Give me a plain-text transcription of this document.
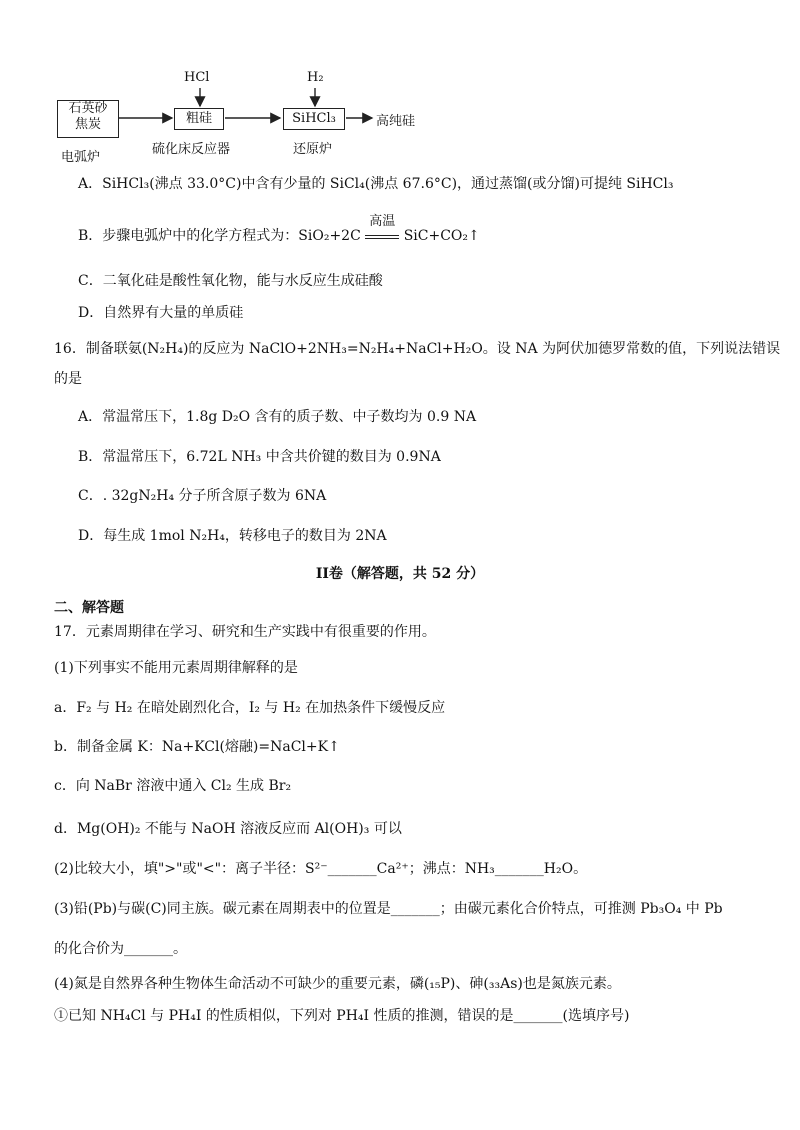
石英砂
焦炭
电弧炉
HCl
粗硅
硫化床反应器
H₂
SiHCl₃
还原炉
高纯硅
A．SiHCl₃(沸点 33.0°C)中含有少量的 SiCl₄(沸点 67.6°C)，通过蒸馏(或分馏)可提纯 SiHCl₃
B．步骤电弧炉中的化学方程式为：SiO₂+2C
高温
SiC+CO₂↑
C．二氧化硅是酸性氧化物，能与水反应生成硅酸
D．自然界有大量的单质硅
16．制备联氨(N₂H₄)的反应为 NaClO+2NH₃=N₂H₄+NaCl+H₂O。设 NA 为阿伏加德罗常数的值，下列说法错误
的是
A．常温常压下，1.8g D₂O 含有的质子数、中子数均为 0.9 NA
B．常温常压下，6.72L NH₃ 中含共价键的数目为 0.9NA
C．. 32gN₂H₄ 分子所含原子数为 6NA
D．每生成 1mol N₂H₄，转移电子的数目为 2NA
II卷（解答题，共 52 分）
二、解答题
17．元素周期律在学习、研究和生产实践中有很重要的作用。
(1)下列事实不能用元素周期律解释的是
a．F₂ 与 H₂ 在暗处剧烈化合，I₂ 与 H₂ 在加热条件下缓慢反应
b．制备金属 K：Na+KCl(熔融)=NaCl+K↑
c．向 NaBr 溶液中通入 Cl₂ 生成 Br₂
d．Mg(OH)₂ 不能与 NaOH 溶液反应而 Al(OH)₃ 可以
(2)比较大小，填">"或"<"：离子半径：S²⁻_______Ca²⁺；沸点：NH₃_______H₂O。
(3)铅(Pb)与碳(C)同主族。碳元素在周期表中的位置是_______；由碳元素化合价特点，可推测 Pb₃O₄ 中 Pb
的化合价为_______。
(4)氮是自然界各种生物体生命活动不可缺少的重要元素，磷(₁₅P)、砷(₃₃As)也是氮族元素。
①已知 NH₄Cl 与 PH₄I 的性质相似，下列对 PH₄I 性质的推测，错误的是_______(选填序号)
